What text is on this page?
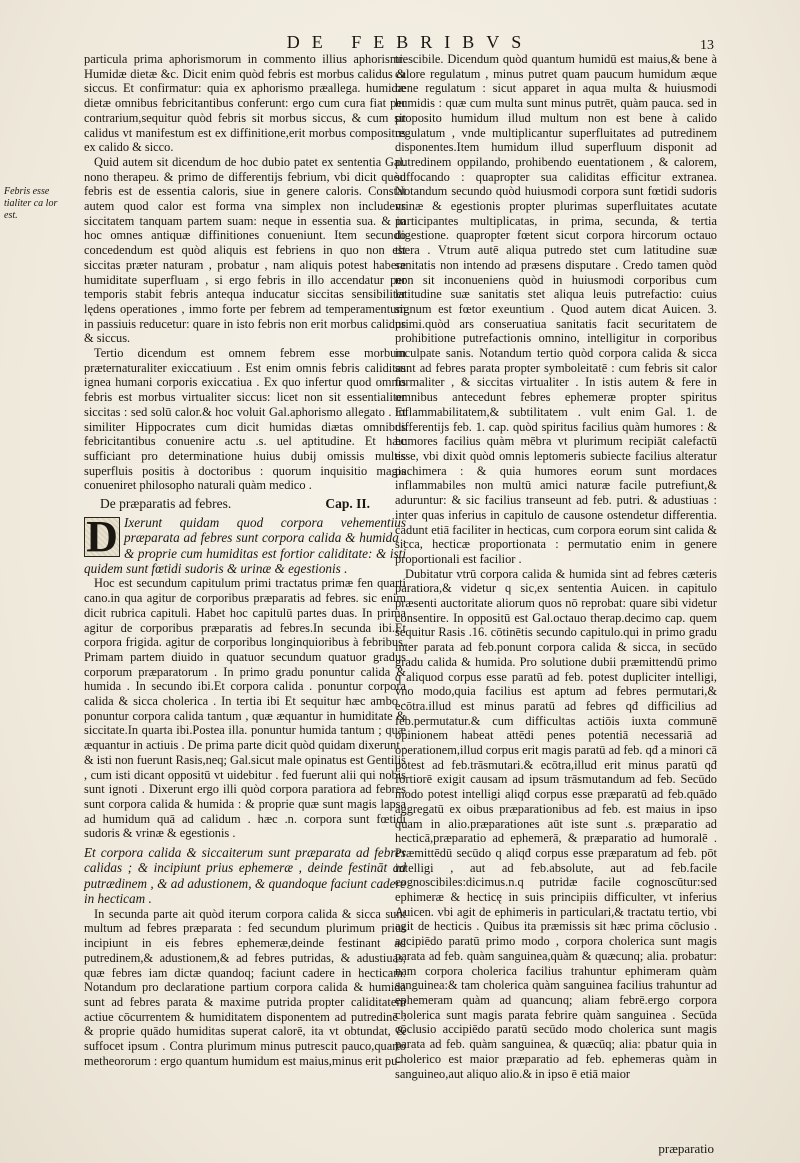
DE FEBRIBVS	13
Febris esse tialiter ca lor est.

particula prima aphorismorum in commento illius aphorismi. Humidæ dietæ &c. Dicit enim quòd febris est morbus calidus & siccus. Et confirmatur: quia ex aphorismo præallega. humidæ dietæ omnibus febricitantibus conferunt: ergo cum cura fiat per contrarium,sequitur quòd febris sit morbus siccus, & cum sit calidus vt manifestum est ex diffinitione,erit morbus compositus ex calido & sicco.

Quid autem sit dicendum de hoc dubio patet ex sententia Gal. nono therapeu. & primo de differentijs febrium, vbi dicit quòd febris est de essentia caloris, siue in genere caloris. Constat autem quod calor est forma vna simplex non includens siccitatem tanquam partem suam: neque in essentia sua. & in hoc omnes antiquæ diffinitiones conueniunt. Item secundo concedendum est quòd aliquis est febriens in quo non est siccitas præter naturam , probatur , nam aliquis potest habere humiditate superfluam , si ergo febris in illo accendatur per temporis stabit febris antequa inducatur siccitas sensibiliter lędens operationes , immo forte per febrem ad temperamentum in passiuis reducetur: quare in isto febris non erit morbus calidus & siccus.

Tertio dicendum est omnem febrem esse morbum præternaturaliter exiccatiuum . Est enim omnis febris caliditas ignea humani corporis exiccatiua . Ex quo infertur quod omnis febris est morbus virtualiter siccus: licet non sit essentialiter siccitas : sed solū calor.& hoc voluit Gal.aphorismo allegato . Et similiter Hippocrates cum dicit humidas diætas omnibus febricitantibus conuenire actu .s. uel aptitudine. Et hæc sufficiant pro determinatione huius dubij omissis multis superfluis positis à doctoribus : quorum inquisitio magis conueniret philosopho naturali quàm medico .

De præparatis ad febres.	Cap. II.

D Ixerunt quidam quod corpora vehementius præparata ad febres sunt corpora calida & humida , & proprie cum humiditas est fortior caliditate: & isti quidem sunt fœtidi sudoris & urinæ & egestionis .

Hoc est secundum capitulum primi tractatus primæ fen quarti cano.in qua agitur de corporibus præparatis ad febres. sic enim dicit rubrica capituli. Habet hoc capitulū partes duas. In prima agitur de corporibus præparatis ad febres.In secunda ibi.Et corpora frigida. agitur de corporibus longinquioribus à febribus. Primam partem diuido in quatuor secundum quatuor gradus corporum præparatorum . In primo gradu ponuntur calida & humida . In secundo ibi.Et corpora calida . ponuntur corpora calida & sicca cholerica . In tertia ibi Et sequitur hæc ambo . ponuntur corpora calida tantum , quæ æquantur in humiditate & siccitate.In quarta ibi.Postea illa. ponuntur humida tantum ; quæ æquantur in actiuis . De prima parte dicit quòd quidam dixerunt . & isti non fuerunt Rasis,neq; Gal.sicut male opinatus est Gentilis , cum isti dicant oppositū vt uidebitur . fed fuerunt alii qui nobis sunt ignoti . Dixerunt ergo illi quòd corpora paratiora ad febres sunt corpora calida & humida : & proprie quæ sunt magis lapsa ad humidum quā ad calidum . hæc .n. corpora sunt fœtidi sudoris & vrinæ & egestionis .

Et corpora calida & siccaiterum sunt præparata ad febres calidas ; & incipiunt prius ephemeræ , deinde festināt ad putrædinem , & ad adustionem, & quandoque faciunt cadere in hecticam .

In secunda parte ait quòd iterum corpora calida & sicca sunt multum ad febres præparata : fed secundum plurimum prius incipiunt in eis febres ephemeræ,deinde festinant ad putredinem,& adustionem,& ad febres putridas, & adustiuas, quæ febres iam dictæ quandoq; faciunt cadere in hecticam. Notandum pro declaratione partium corpora calida & humida sunt ad febres parata & maxime putrida propter caliditatem actiue cōcurrentem & humiditatem disponentem ad putredinē : & proprie quādo humiditas superat calorē, ita vt obtundat, & suffocet ipsum . Contra plurimum minus putrescit pauco,quarto metheororum : ergo quantum humidum est maius,minus erit pu-

trescibile. Dicendum quòd quantum humidū est maius,& bene à calore regulatum , minus putret quam paucum humidum æque bene regulatum : sicut apparet in aqua multa & huiusmodi humidis : quæ cum multa sunt minus putrēt, quàm pauca. sed in proposito humidum illud multum non est bene à calido regulatum , vnde multiplicantur superfluitates ad putredinem disponentes.Item humidum illud superfluum disponit ad putredinem oppilando, prohibendo euentationem , & calorem, suffocando : quapropter sua caliditas efficitur extranea. Notandum secundo quòd huiusmodi corpora sunt fœtidi sudoris vrinæ & egestionis propter plurimas superfluitates acutate participantes multiplicatas, in prima, secunda, & tertia digestione. quapropter fœtent sicut corpora hircorum octauo thera . Vtrum autē aliqua putredo stet cum latitudine suæ sanitatis non intendo ad præsens disputare . Credo tamen quòd non sit inconueniens quòd in huiusmodi corporibus cum latitudine suæ sanitatis stet aliqua leuis putrefactio: cuius signum est fœtor exeuntium . Quod autem dicat Auicen. 3. primi.quòd ars conseruatiua sanitatis facit securitatem de prohibitione putrefactionis omnino, intelligitur in corporibus inculpate sanis. Notandum tertio quòd corpora calida & sicca sunt ad febres parata propter symboleitatē : cum febris sit calor formaliter , & siccitas virtualiter . In istis autem & fere in omnibus antecedunt febres ephemeræ propter spiritus inflammabilitatem,& subtilitatem . vult enim Gal. 1. de differentijs feb. 1. cap. quòd spiritus facilius quàm humores : & humores facilius quàm mēbra vt plurimum recipiāt calefactū esse, vbi dixit quòd omnis leptomeris subiecte facilius alteratur pachimera : & quia humores eorum sunt mordaces inflammabiles non multū amici naturæ facile putrefiunt,& aduruntur: & sic facilius transeunt ad feb. putri. & adustiuas : inter quas inferius in capitulo de causone ostendetur differentia. cadunt etiā faciliter in hecticas, cum corpora eorum sint calida & sicca, hecticæ proportionata : permutatio enim in genere proportionali est facilior .

Dubitatur vtrū corpora calida & humida sint ad febres cæteris paratiora,& videtur q sic,ex sententia Auicen. in capitulo præsenti auctoritate aliorum quos nō reprobat: quare sibi videtur consentire. In oppositū est Gal.octauo therap.decimo cap. quem sequitur Rasis .16. cōtinētis secundo capitulo.qui in primo gradu inter parata ad feb.ponunt corpora calida & sicca, in secūdo gradu calida & humida. Pro solutione dubii præmittendū primo q aliquod corpus esse paratū ad feb. potest dupliciter intelligi, vno modo,quia facilius est aptum ad febres permutari,& ecōtra.illud est minus paratū ad febres qđ difficilius ad feb.permutatur.& cum difficultas actiōis iuxta communē opinionem habeat attēdi penes potentiā necessariā ad operationem,illud corpus erit magis paratū ad feb. qđ a minori cā potest ad feb.trāsmutari.& ecōtra,illud erit minus paratū qđ fortiorē exigit causam ad ipsum trāsmutandum ad feb. Secūdo modo potest intelligi aliqđ corpus esse præparatū ad feb.quādo aggregatū ex oibus præparationibus ad feb. est maius in ipso quam in alio.præparationes aūt iste sunt .s. præparatio ad hecticā,præparatio ad ephemerā, & præparatio ad humoralē . Præmittēdū secūdo q aliqđ corpus esse præparatum ad feb. pōt intelligi , aut ad feb.absolute, aut ad feb.facile cognoscibiles:dicimus.n.q putridæ facile cognoscūtur:sed ephimeræ & hecticę in suis principiis difficulter, vt inferius Auicen. vbi agit de ephimeris in particulari,& tractatu tertio, vbi agit de hecticis . Quibus ita præmissis sit hæc prima cōclusio . accipiēdo paratū primo modo , corpora cholerica sunt magis parata ad feb. quàm sanguinea,quàm & quæcunq; alia. probatur: nam corpora cholerica facilius trahuntur ephimeram quàm sanguinea:& tam cholerica quàm sanguinea facilius trahuntur ad ephemeram quàm ad quancunq; aliam febrē.ergo corpora cholerica sunt magis parata febrire quàm sanguinea . Secūda cōclusio accipiēdo paratū secūdo modo cholerica sunt magis parata ad feb. quàm sanguinea, & quæcūq; alia: pbatur quia in cholerico est maior præparatio ad feb. ephemeras quàm in sanguineo,aut aliquo alio.& in ipso ē etiā maior

præparatio
